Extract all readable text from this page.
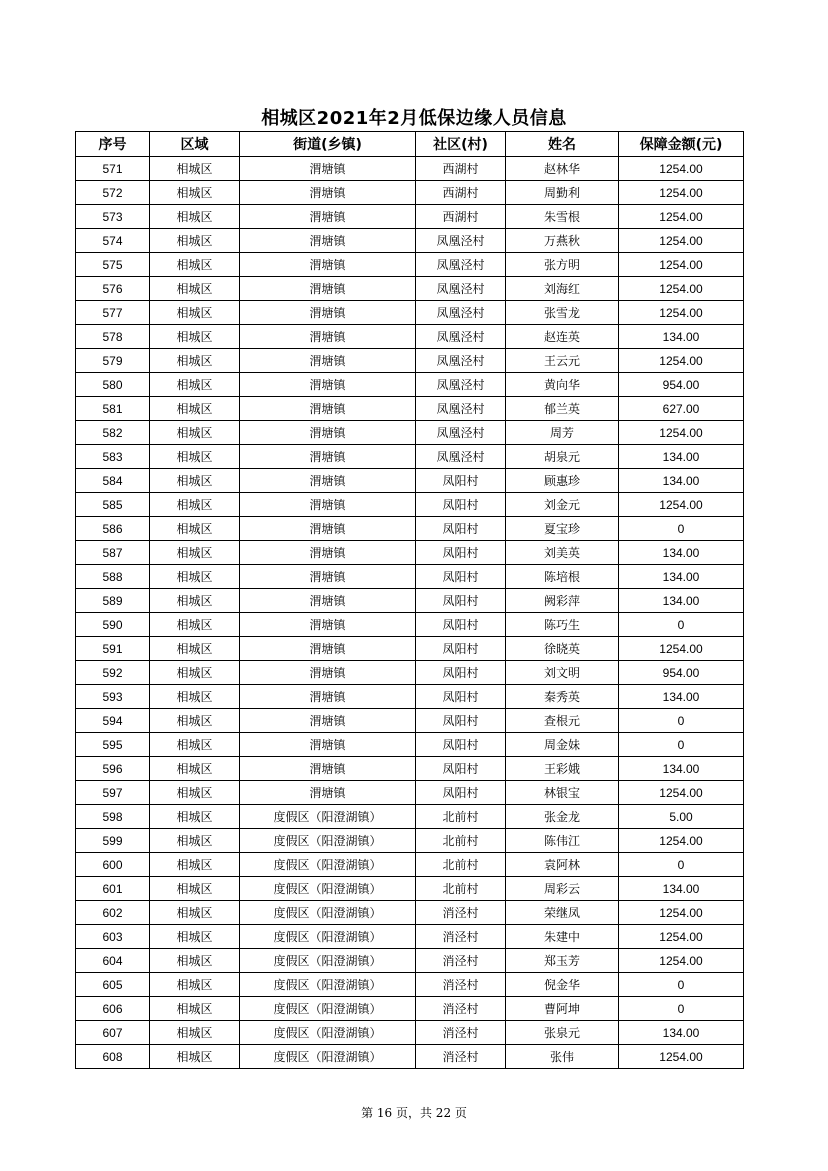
相城区2021年2月低保边缘人员信息
序号	区域	街道(乡镇)	社区(村)	姓名	保障金额(元)
571	相城区	渭塘镇	西湖村	赵林华	1254.00
572	相城区	渭塘镇	西湖村	周勤利	1254.00
573	相城区	渭塘镇	西湖村	朱雪根	1254.00
574	相城区	渭塘镇	凤凰泾村	万燕秋	1254.00
575	相城区	渭塘镇	凤凰泾村	张方明	1254.00
576	相城区	渭塘镇	凤凰泾村	刘海红	1254.00
577	相城区	渭塘镇	凤凰泾村	张雪龙	1254.00
578	相城区	渭塘镇	凤凰泾村	赵连英	134.00
579	相城区	渭塘镇	凤凰泾村	王云元	1254.00
580	相城区	渭塘镇	凤凰泾村	黄向华	954.00
581	相城区	渭塘镇	凤凰泾村	郁兰英	627.00
582	相城区	渭塘镇	凤凰泾村	周芳	1254.00
583	相城区	渭塘镇	凤凰泾村	胡泉元	134.00
584	相城区	渭塘镇	凤阳村	顾惠珍	134.00
585	相城区	渭塘镇	凤阳村	刘金元	1254.00
586	相城区	渭塘镇	凤阳村	夏宝珍	0
587	相城区	渭塘镇	凤阳村	刘美英	134.00
588	相城区	渭塘镇	凤阳村	陈培根	134.00
589	相城区	渭塘镇	凤阳村	阙彩萍	134.00
590	相城区	渭塘镇	凤阳村	陈巧生	0
591	相城区	渭塘镇	凤阳村	徐晓英	1254.00
592	相城区	渭塘镇	凤阳村	刘文明	954.00
593	相城区	渭塘镇	凤阳村	秦秀英	134.00
594	相城区	渭塘镇	凤阳村	查根元	0
595	相城区	渭塘镇	凤阳村	周金妹	0
596	相城区	渭塘镇	凤阳村	王彩娥	134.00
597	相城区	渭塘镇	凤阳村	林银宝	1254.00
598	相城区	度假区（阳澄湖镇）	北前村	张金龙	5.00
599	相城区	度假区（阳澄湖镇）	北前村	陈伟江	1254.00
600	相城区	度假区（阳澄湖镇）	北前村	袁阿林	0
601	相城区	度假区（阳澄湖镇）	北前村	周彩云	134.00
602	相城区	度假区（阳澄湖镇）	消泾村	荣继凤	1254.00
603	相城区	度假区（阳澄湖镇）	消泾村	朱建中	1254.00
604	相城区	度假区（阳澄湖镇）	消泾村	郑玉芳	1254.00
605	相城区	度假区（阳澄湖镇）	消泾村	倪金华	0
606	相城区	度假区（阳澄湖镇）	消泾村	曹阿坤	0
607	相城区	度假区（阳澄湖镇）	消泾村	张泉元	134.00
608	相城区	度假区（阳澄湖镇）	消泾村	张伟	1254.00
第 16 页，共 22 页
